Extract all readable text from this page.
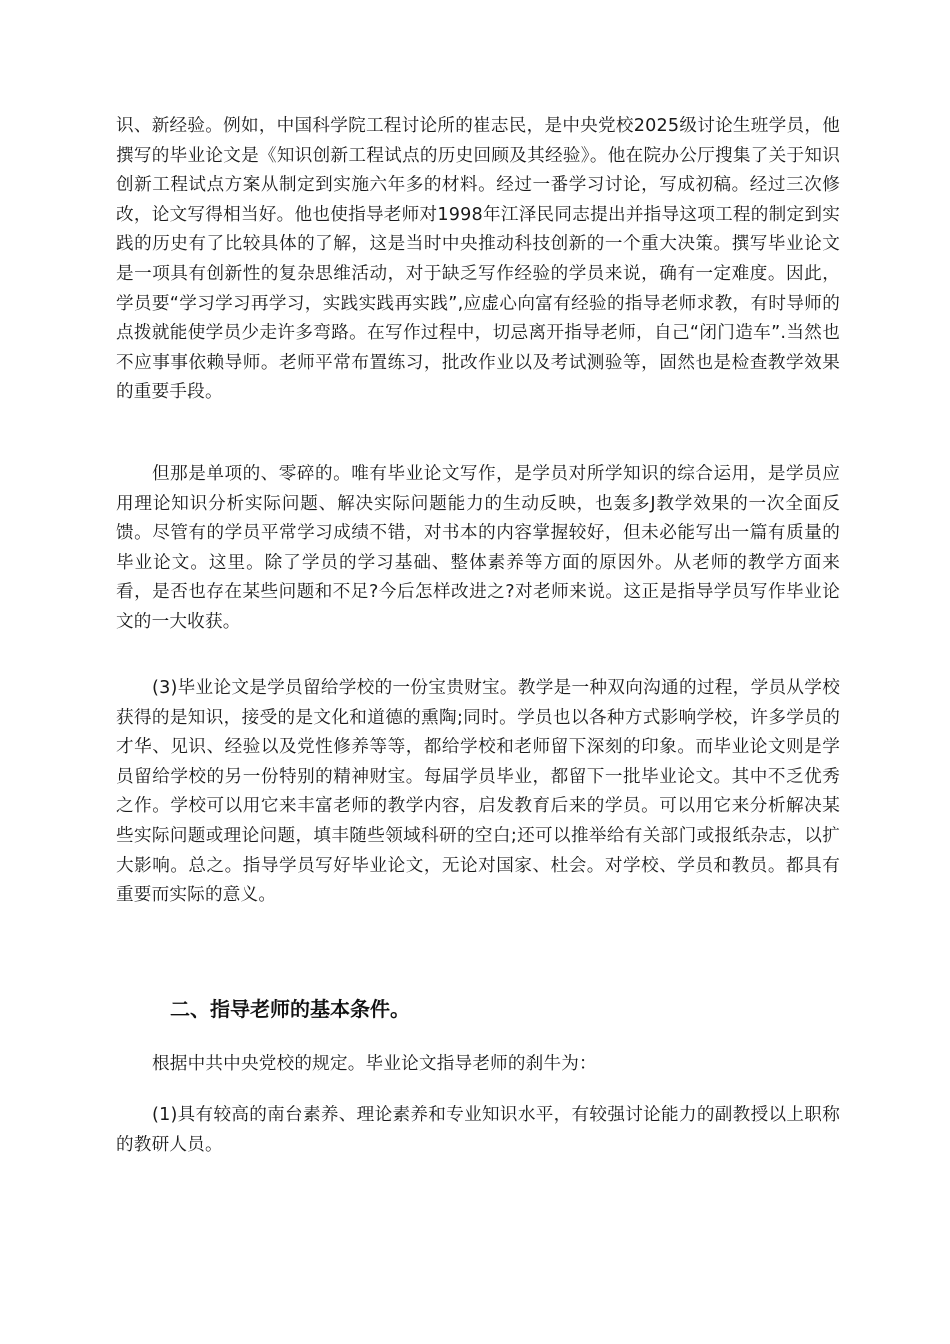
识、新经验。例如，中国科学院工程讨论所的崔志民，是中央党校2025级讨论生班学员，他撰写的毕业论文是《知识创新工程试点的历史回顾及其经验》。他在院办公厅搜集了关于知识创新工程试点方案从制定到实施六年多的材料。经过一番学习讨论，写成初稿。经过三次修改，论文写得相当好。他也使指导老师对1998年江泽民同志提出并指导这项工程的制定到实践的历史有了比较具体的了解，这是当时中央推动科技创新的一个重大决策。撰写毕业论文是一项具有创新性的复杂思维活动，对于缺乏写作经验的学员来说，确有一定难度。因此，学员要“学习学习再学习，实践实践再实践”,应虚心向富有经验的指导老师求教，有时导师的点拨就能使学员少走许多弯路。在写作过程中，切忌离开指导老师，自己“闭门造车”.当然也不应事事依赖导师。老师平常布置练习，批改作业以及考试测验等，固然也是检查教学效果的重要手段。

但那是单项的、零碎的。唯有毕业论文写作，是学员对所学知识的综合运用，是学员应用理论知识分析实际问题、解决实际问题能力的生动反映，也轰多J教学效果的一次全面反馈。尽管有的学员平常学习成绩不错，对书本的内容掌握较好，但未必能写出一篇有质量的毕业论文。这里。除了学员的学习基础、整体素养等方面的原因外。从老师的教学方面来看，是否也存在某些问题和不足?今后怎样改进之?对老师来说。这正是指导学员写作毕业论文的一大收获。

(3)毕业论文是学员留给学校的一份宝贵财宝。教学是一种双向沟通的过程，学员从学校获得的是知识，接受的是文化和道德的熏陶;同时。学员也以各种方式影响学校，许多学员的才华、见识、经验以及党性修养等等，都给学校和老师留下深刻的印象。而毕业论文则是学员留给学校的另一份特别的精神财宝。每届学员毕业，都留下一批毕业论文。其中不乏优秀之作。学校可以用它来丰富老师的教学内容，启发教育后来的学员。可以用它来分析解决某些实际问题或理论问题，填丰随些领域科研的空白;还可以推举给有关部门或报纸杂志，以扩大影响。总之。指导学员写好毕业论文，无论对国家、杜会。对学校、学员和教员。都具有重要而实际的意义。

二、指导老师的基本条件。

根据中共中央党校的规定。毕业论文指导老师的刹牛为：

(1)具有较高的南台素养、理论素养和专业知识水平，有较强讨论能力的副教授以上职称的教研人员。
